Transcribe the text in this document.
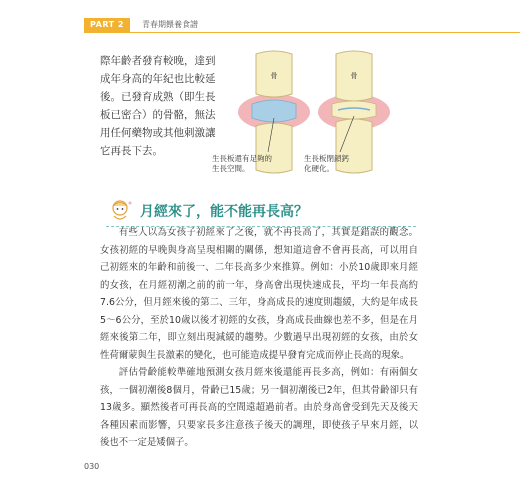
PART 2	青春期餵養食譜

際年齡者發育較晚，達到成年身高的年紀也比較延後。已發育成熟（即生長板已密合）的骨骼，無法用任何藥物或其他刺激讓它再長下去。

骨	骨
生長板還有足夠的生長空間。
生長板閉鎖鈣化硬化。
月經來了，能不能再長高？

有些人以為女孩子初經來了之後，就不再長高了，其實是錯誤的觀念。女孩初經的早晚與身高呈現相關的關係，想知道這會不會再長高，可以用自己初經來的年齡和前後一、二年長高多少來推算。例如：小於10歲即來月經的女孩，在月經初潮之前的前一年，身高會出現快速成長，平均一年長高約7.6公分，但月經來後的第二、三年，身高成長的速度則趨緩，大約是年成長5～6公分，至於10歲以後才初經的女孩，身高成長曲線也差不多，但是在月經來後第二年，即立刻出現減緩的趨勢。少數過早出現初經的女孩，由於女性荷爾蒙與生長激素的變化，也可能造成提早發育完成而停止長高的現象。

評估骨齡能較準確地預測女孩月經來後還能再長多高，例如：有兩個女孩，一個初潮後8個月，骨齡已15歲；另一個初潮後已2年，但其骨齡卻只有13歲多。顯然後者可再長高的空間遠超過前者。由於身高會受到先天及後天各種因素而影響，只要家長多注意孩子後天的調理，即使孩子早來月經，以後也不一定是矮個子。

030
